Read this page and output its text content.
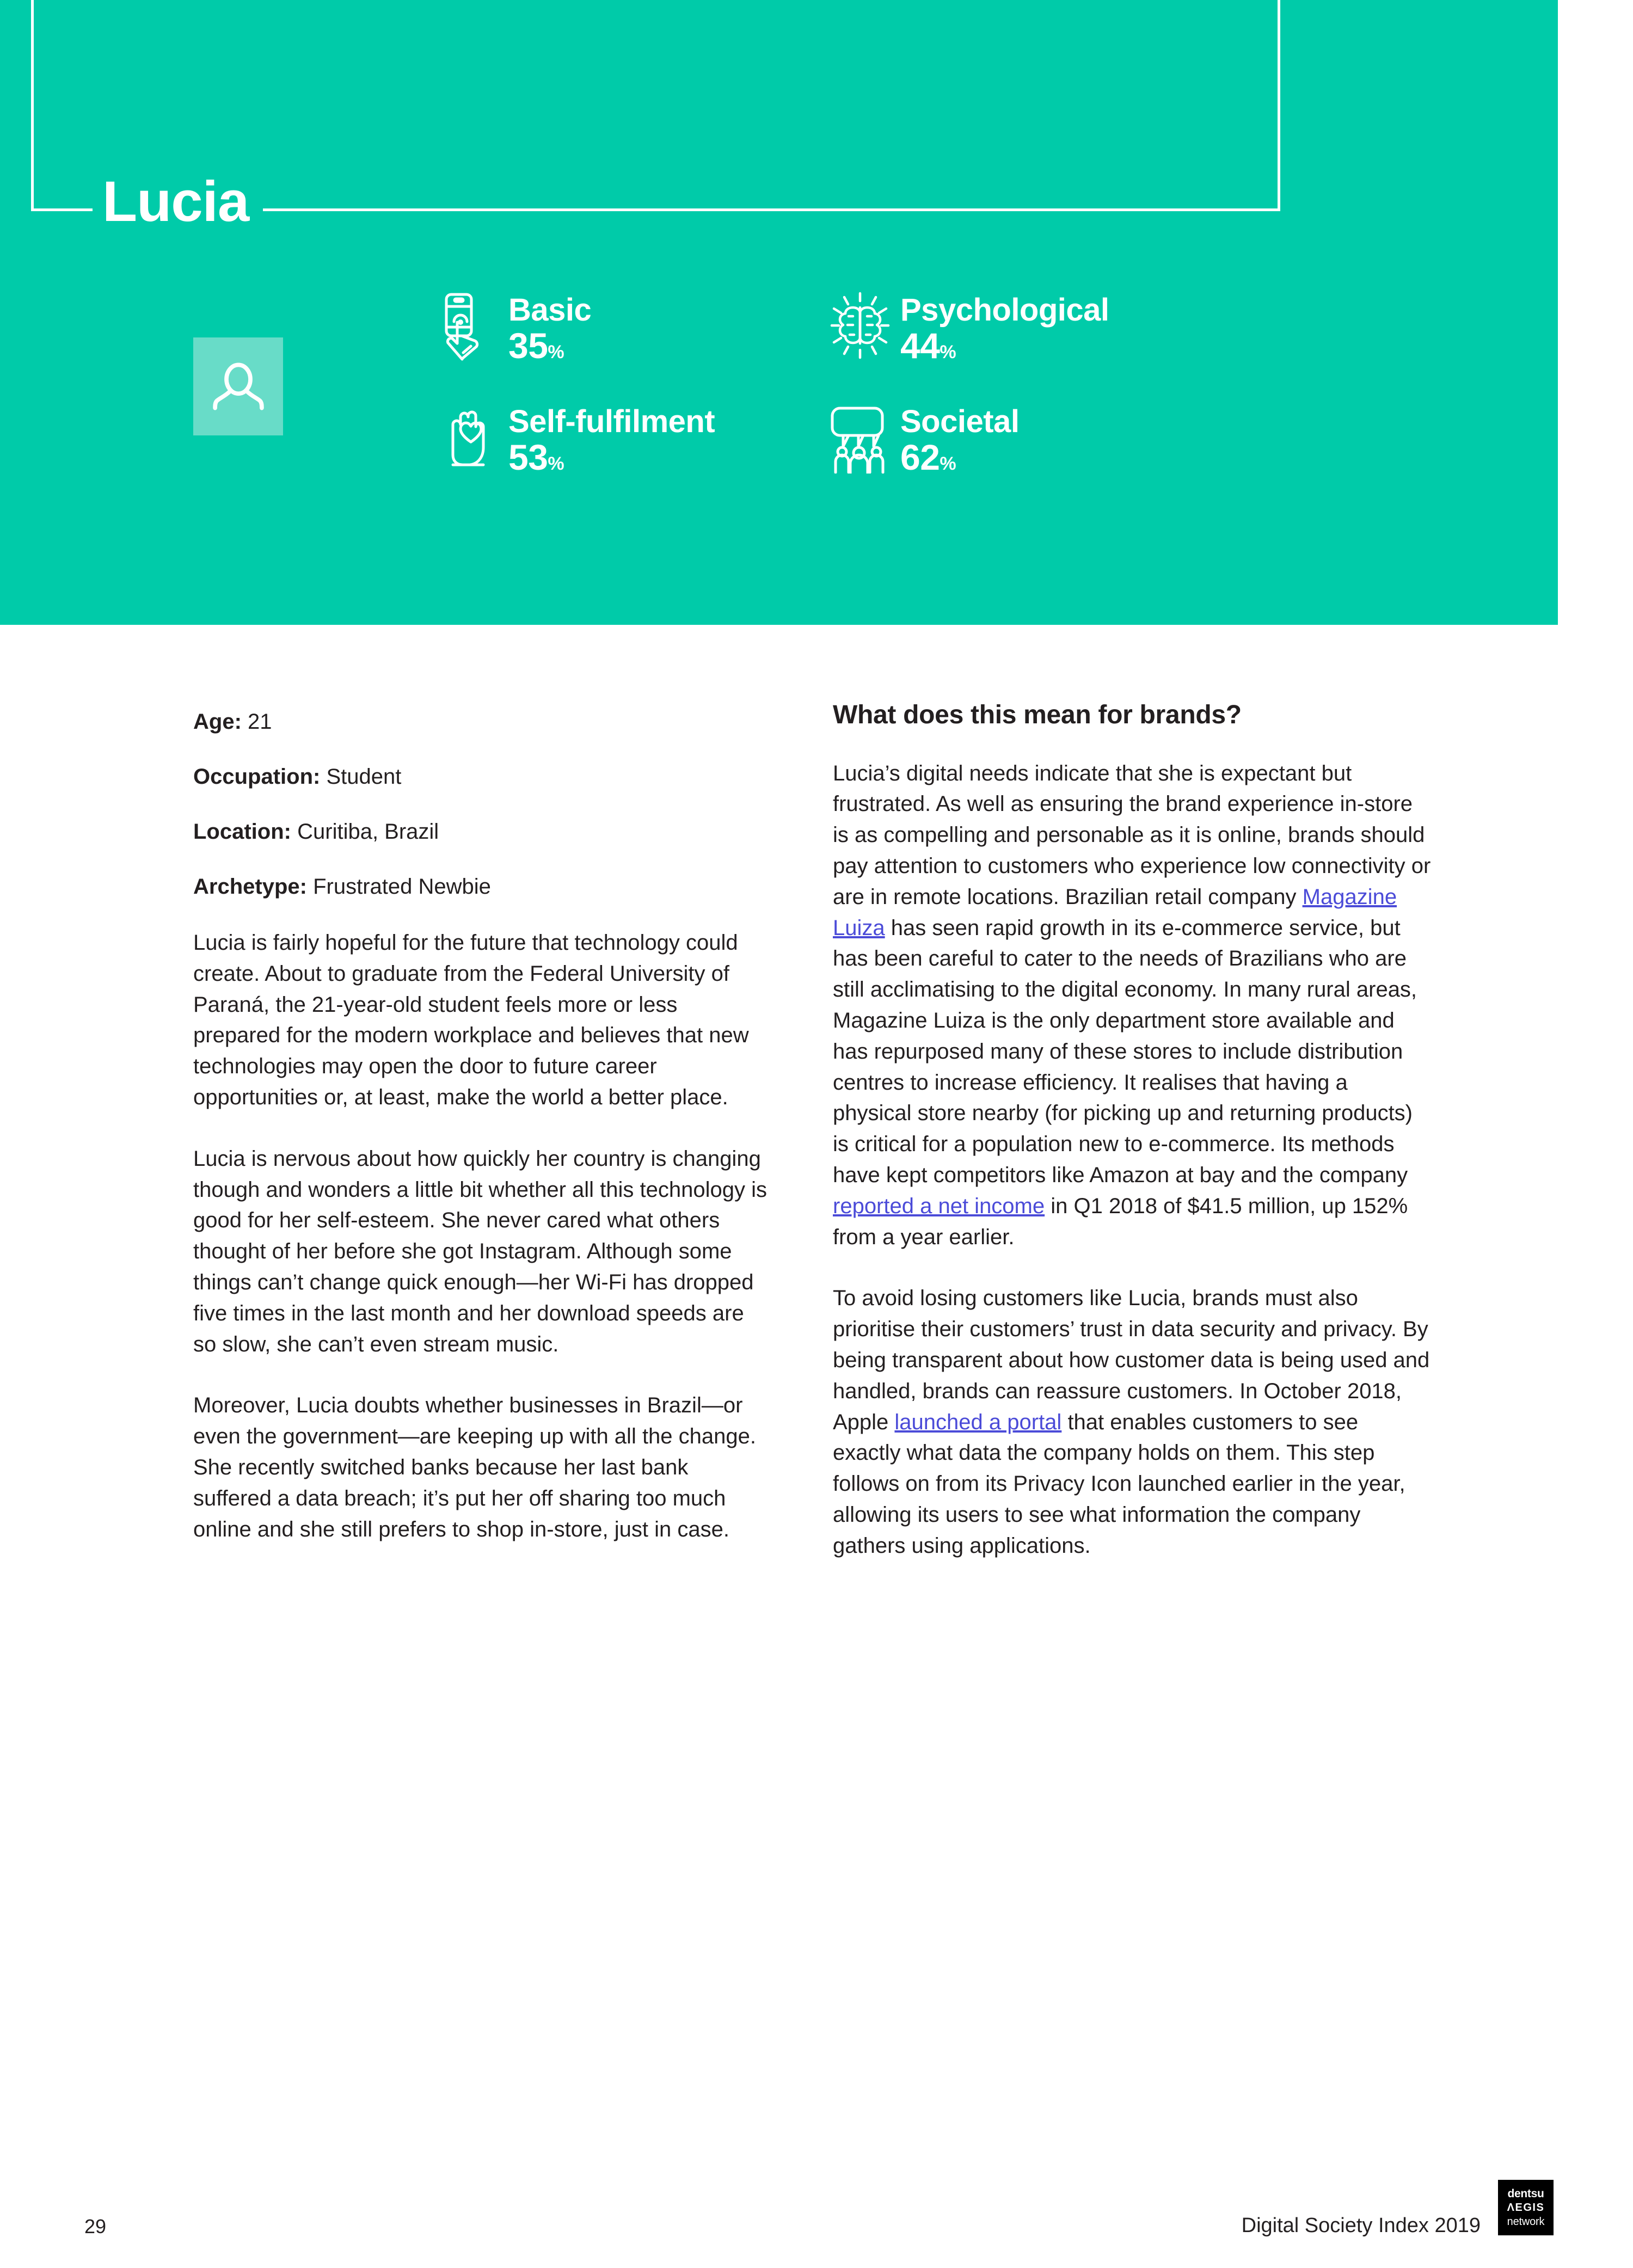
Lucia
Basic
35%
Psychological
44%
Self-fulfilment
53%
Societal
62%

Age: 21

Occupation: Student

Location: Curitiba, Brazil

Archetype: Frustrated Newbie

Lucia is fairly hopeful for the future that technology could create. About to graduate from the Federal University of Paraná, the 21-year-old student feels more or less prepared for the modern workplace and believes that new technologies may open the door to future career opportunities or, at least, make the world a better place.

Lucia is nervous about how quickly her country is changing though and wonders a little bit whether all this technology is good for her self-esteem. She never cared what others thought of her before she got Instagram. Although some things can’t change quick enough—her Wi-Fi has dropped five times in the last month and her download speeds are so slow, she can’t even stream music.

Moreover, Lucia doubts whether businesses in Brazil—or even the government—are keeping up with all the change. She recently switched banks because her last bank suffered a data breach; it’s put her off sharing too much online and she still prefers to shop in-store, just in case.

What does this mean for brands?

Lucia’s digital needs indicate that she is expectant but frustrated. As well as ensuring the brand experience in-store is as compelling and personable as it is online, brands should pay attention to customers who experience low connectivity or are in remote locations. Brazilian retail company Magazine Luiza has seen rapid growth in its e-commerce service, but has been careful to cater to the needs of Brazilians who are still acclimatising to the digital economy. In many rural areas, Magazine Luiza is the only department store available and has repurposed many of these stores to include distribution centres to increase efficiency. It realises that having a physical store nearby (for picking up and returning products) is critical for a population new to e-commerce. Its methods have kept competitors like Amazon at bay and the company reported a net income in Q1 2018 of $41.5 million, up 152% from a year earlier.

To avoid losing customers like Lucia, brands must also prioritise their customers’ trust in data security and privacy. By being transparent about how customer data is being used and handled, brands can reassure customers. In October 2018, Apple launched a portal that enables customers to see exactly what data the company holds on them. This step follows on from its Privacy Icon launched earlier in the year, allowing its users to see what information the company gathers using applications.

29	Digital Society Index 2019
dentsu
ΛEGIS
network
